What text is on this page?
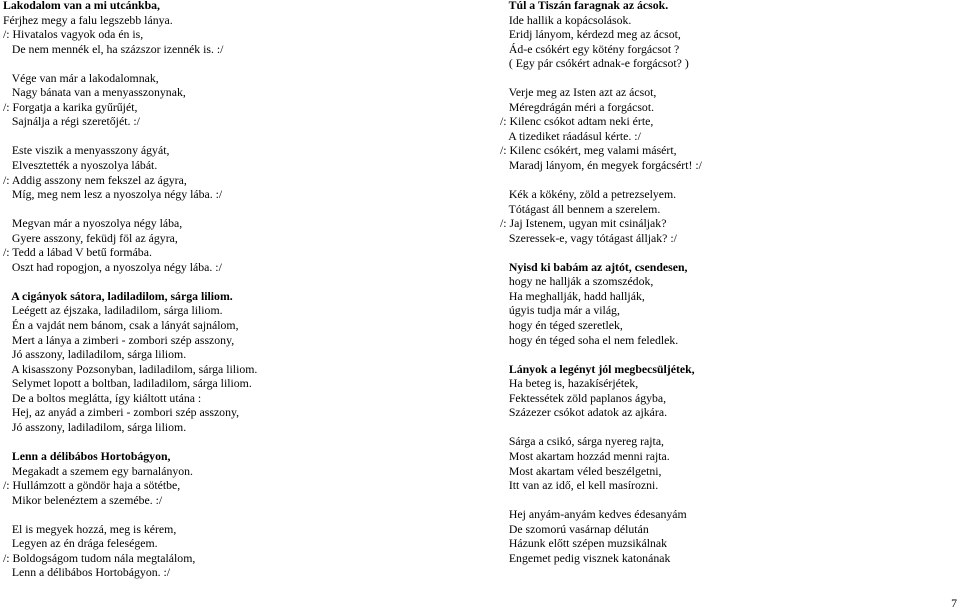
Lakodalom van a mi utcánkba,
Férjhez megy a falu legszebb lánya.
/: Hivatalos vagyok oda én is,
De nem mennék el, ha százszor izennék is. :/
Vége van már a lakodalomnak,
Nagy bánata van a menyasszonynak,
/: Forgatja a karika gyűrűjét,
Sajnálja a régi szeretőjét. :/
Este viszik a menyasszony ágyát,
Elvesztették a nyoszolya lábát.
/: Addig asszony nem fekszel az ágyra,
Míg, meg nem lesz a nyoszolya négy lába. :/
Megvan már a nyoszolya négy lába,
Gyere asszony, feküdj föl az ágyra,
/: Tedd a lábad V betű formába.
Oszt had ropogjon, a nyoszolya négy lába. :/
A cigányok sátora, ladiladilom, sárga liliom.
Leégett az éjszaka, ladiladilom, sárga liliom.
Én a vajdát nem bánom, csak a lányát sajnálom,
Mert a lánya a zimberi - zombori szép asszony,
Jó asszony, ladiladilom, sárga liliom.
A kisasszony Pozsonyban, ladiladilom, sárga liliom.
Selymet lopott a boltban, ladiladilom, sárga liliom.
De a boltos meglátta, így kiáltott utána :
Hej, az anyád a zimberi - zombori szép asszony,
Jó asszony, ladiladilom, sárga liliom.
Lenn a délibábos Hortobágyon,
Megakadt a szemem egy barnalányon.
/: Hullámzott a göndör haja a sötétbe,
Mikor belenéztem a szemébe. :/
El is megyek hozzá, meg is kérem,
Legyen az én drága feleségem.
/: Boldogságom tudom nála megtalálom,
Lenn a délibábos Hortobágyon. :/
Túl a Tiszán faragnak az ácsok.
Ide hallik a kopácsolások.
Eridj lányom, kérdezd meg az ácsot,
Ád-e csókért egy kötény forgácsot ?
( Egy pár csókért adnak-e forgácsot? )
Verje meg az Isten azt az ácsot,
Méregdrágán méri a forgácsot.
/: Kilenc csókot adtam neki érte,
A tizediket ráadásul kérte. :/
/: Kilenc csókért, meg valami másért,
Maradj lányom, én megyek forgácsért! :/
Kék a kökény, zöld a petrezselyem.
Tótágast áll bennem a szerelem.
/: Jaj Istenem, ugyan mit csináljak?
Szeressek-e, vagy tótágast álljak? :/
Nyisd ki babám az ajtót, csendesen,
hogy ne hallják a szomszédok,
Ha meghallják, hadd hallják,
úgyis tudja már a világ,
hogy én téged szeretlek,
hogy én téged soha el nem feledlek.
Lányok a legényt jól megbecsüljétek,
Ha beteg is, hazakísérjétek,
Fektessétek zöld paplanos ágyba,
Százezer csókot adatok az ajkára.
Sárga a csikó, sárga nyereg rajta,
Most akartam hozzád menni rajta.
Most akartam véled beszélgetni,
Itt van az idő, el kell masírozni.
Hej anyám-anyám kedves édesanyám
De szomorú vasárnap délután
Házunk előtt szépen muzsikálnak
Engemet pedig visznek katonának
7
